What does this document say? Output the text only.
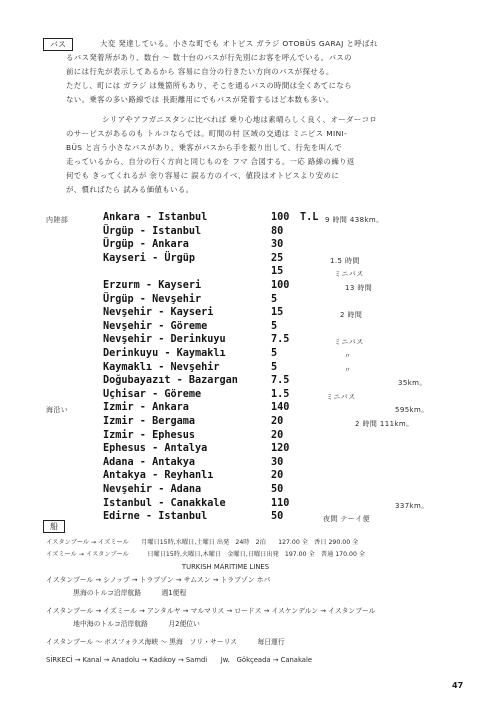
バス	大変 発達している。小さな町でも オトビス ガラジ OTOBÜS GARAJ と呼ばれ
るバス発着所があり、数台 ～ 数十台のバスが行先別にお客を呼んでいる。バスの
前には行先が表示してあるから 容易に自分の行きたい方向のバスが探せる。
ただし、町には ガラジ は幾箇所もあり、そこを通るバスの時間は全くあてになら
ない。乗客の多い路線では 長距離用にでもバスが発着するほど本数も多い。
シリアやアフガニスタンに比べれば 乗り心地は素晴らしく良く、オーダーコロ
のサービスがあるのも トルコならでは。町間の村 区域の交通は ミニビス MINI-
BÜS と言う小さなバスがあり、乗客がバスから手を振り出して、行先を叫んで
走っているから、自分の行く方向と同じものを フマ 合図する。一応 路線の繰り返
何でも きってくれるが 余り容易に 誤る方のイベ、値段はオトビスより安めに
が、慣ればたら 試みる価値もいる。
内陸部	Ankara - Istanbul	100 T.L 9 時間 438km。
Ürgüp - Istanbul	80
Ürgüp - Ankara	30
Kayseri - Ürgüp	25	1.5 時間
15	ミニバス
Erzurm - Kayseri	100	13 時間
Ürgüp - Nevşehir	5
Nevşehir - Kayseri	15	2 時間
Nevşehir - Göreme	5
Nevşehir - Derinkuyu	7.5	ミニバス
Derinkuyu - Kaymaklı	5	〃
Kaymaklı - Nevşehir	5	〃
Doğubayazıt - Bazargan	7.5	35km。
Uçhisar - Göreme	1.5	ミニバス
海沿い	Izmir - Ankara	140	595km。
Izmir - Bergama	20	2 時間 111km。
Izmir - Ephesus	20
Ephesus - Antalya	120
Adana - Antakya	30
Antakya - Reyhanlı	20
Nevşehir - Adana	50
Istanbul - Canakkale	110	337km。
Edirne - Istanbul	50	夜間 テーイ便
船
イスタンブール → イズミール　　月曜日15時,水曜日,土曜日 出発　24時　2泊　　127.00 全　香日 290.00 全
イズミール → イスタンブール　　　日曜日15時,火曜日,木曜日　金曜日,日曜日出発　197.00 全　普通 170.00 全
　　　　　　　　　　　　　　　　　　　　TURKISH MARITIME LINES
イスタンブール → シノップ → トラブゾン → サムスン → トラブゾン ホパ
　　　　黒海のトルコ沿岸航路　　　週1便程　
イスタンブール → イズミール → アンタルヤ → マルマリス → ロードス → イスケンデルン → イスタンブール
　　　　地中海のトルコ沿岸航路　　　月2便位い
イスタンブール ～ ボスフォラス海峡 ～ 黒海　ソリ・サーリス　　　毎日運行
SİRKECİ → Kanal → Anadolu → Kadıkoy → Samdi　　Jw.　Gökçeada → Canakale
47
